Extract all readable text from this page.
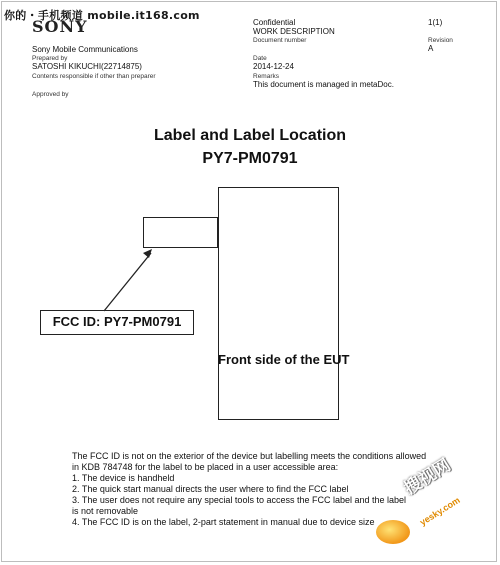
你的・手机频道 mobile.it168.com
SONY
Sony Mobile Communications
Prepared by
SATOSHI KIKUCHI(22714875)
Contents responsible if other than preparer
Approved by
Confidential
WORK DESCRIPTION
Document number
1(1)
Revision
A
Date
2014-12-24
Remarks
This document is managed in metaDoc.
Label and Label Location
PY7-PM0791
Front side of the EUT
FCC ID: PY7-PM0791
The FCC ID is not on the exterior of the device but labelling meets the conditions allowed
in KDB 784748 for the label to be placed in a user accessible area:
1. The device is handheld
2. The quick start manual directs the user where to find the FCC label
3. The user does not require any special tools to access the FCC label and the label
is not removable
4. The FCC ID is on the label, 2-part statement in manual due to device size
搜视网
yesky.com
